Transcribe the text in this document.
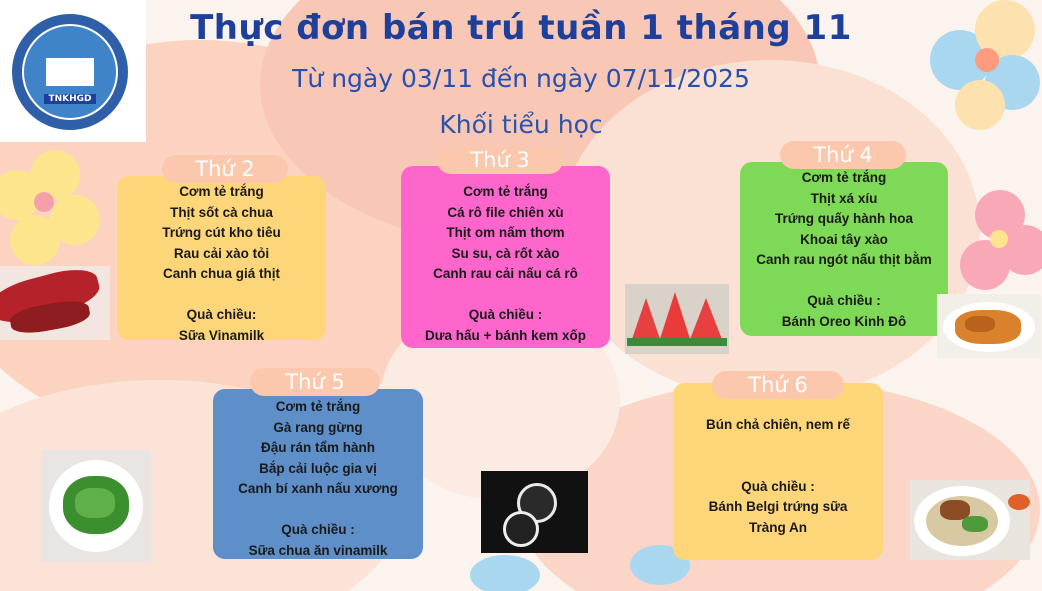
TNKHGD
Thực đơn bán trú tuần 1 tháng 11
Từ ngày 03/11 đến ngày 07/11/2025
Khối tiểu học
Cơm tẻ trắng
Thịt sốt cà chua
Trứng cút kho tiêu
Rau cải xào tỏi
Canh chua giá thịt
Quà chiều:
Sữa Vinamilk
Thứ 2
Cơm tẻ trắng
Cá rô file chiên xù
Thịt om nấm thơm
Su su, cà rốt xào
Canh rau cải nấu cá rô
Quà chiều :
Dưa hấu + bánh kem xốp
Thứ 3
Cơm tẻ trắng
Thịt xá xíu
Trứng quấy hành hoa
Khoai tây xào
Canh rau ngót nấu thịt bằm
Quà chiều :
Bánh Oreo Kinh Đô
Thứ 4
Cơm tẻ trắng
Gà rang gừng
Đậu rán tẩm hành
Bắp cải luộc gia vị
Canh bí xanh nấu xương
Quà chiều :
Sữa chua ăn vinamilk
Thứ 5
Bún chả chiên, nem rế
Quà chiều :
Bánh Belgi trứng sữa
Tràng An
Thứ 6
